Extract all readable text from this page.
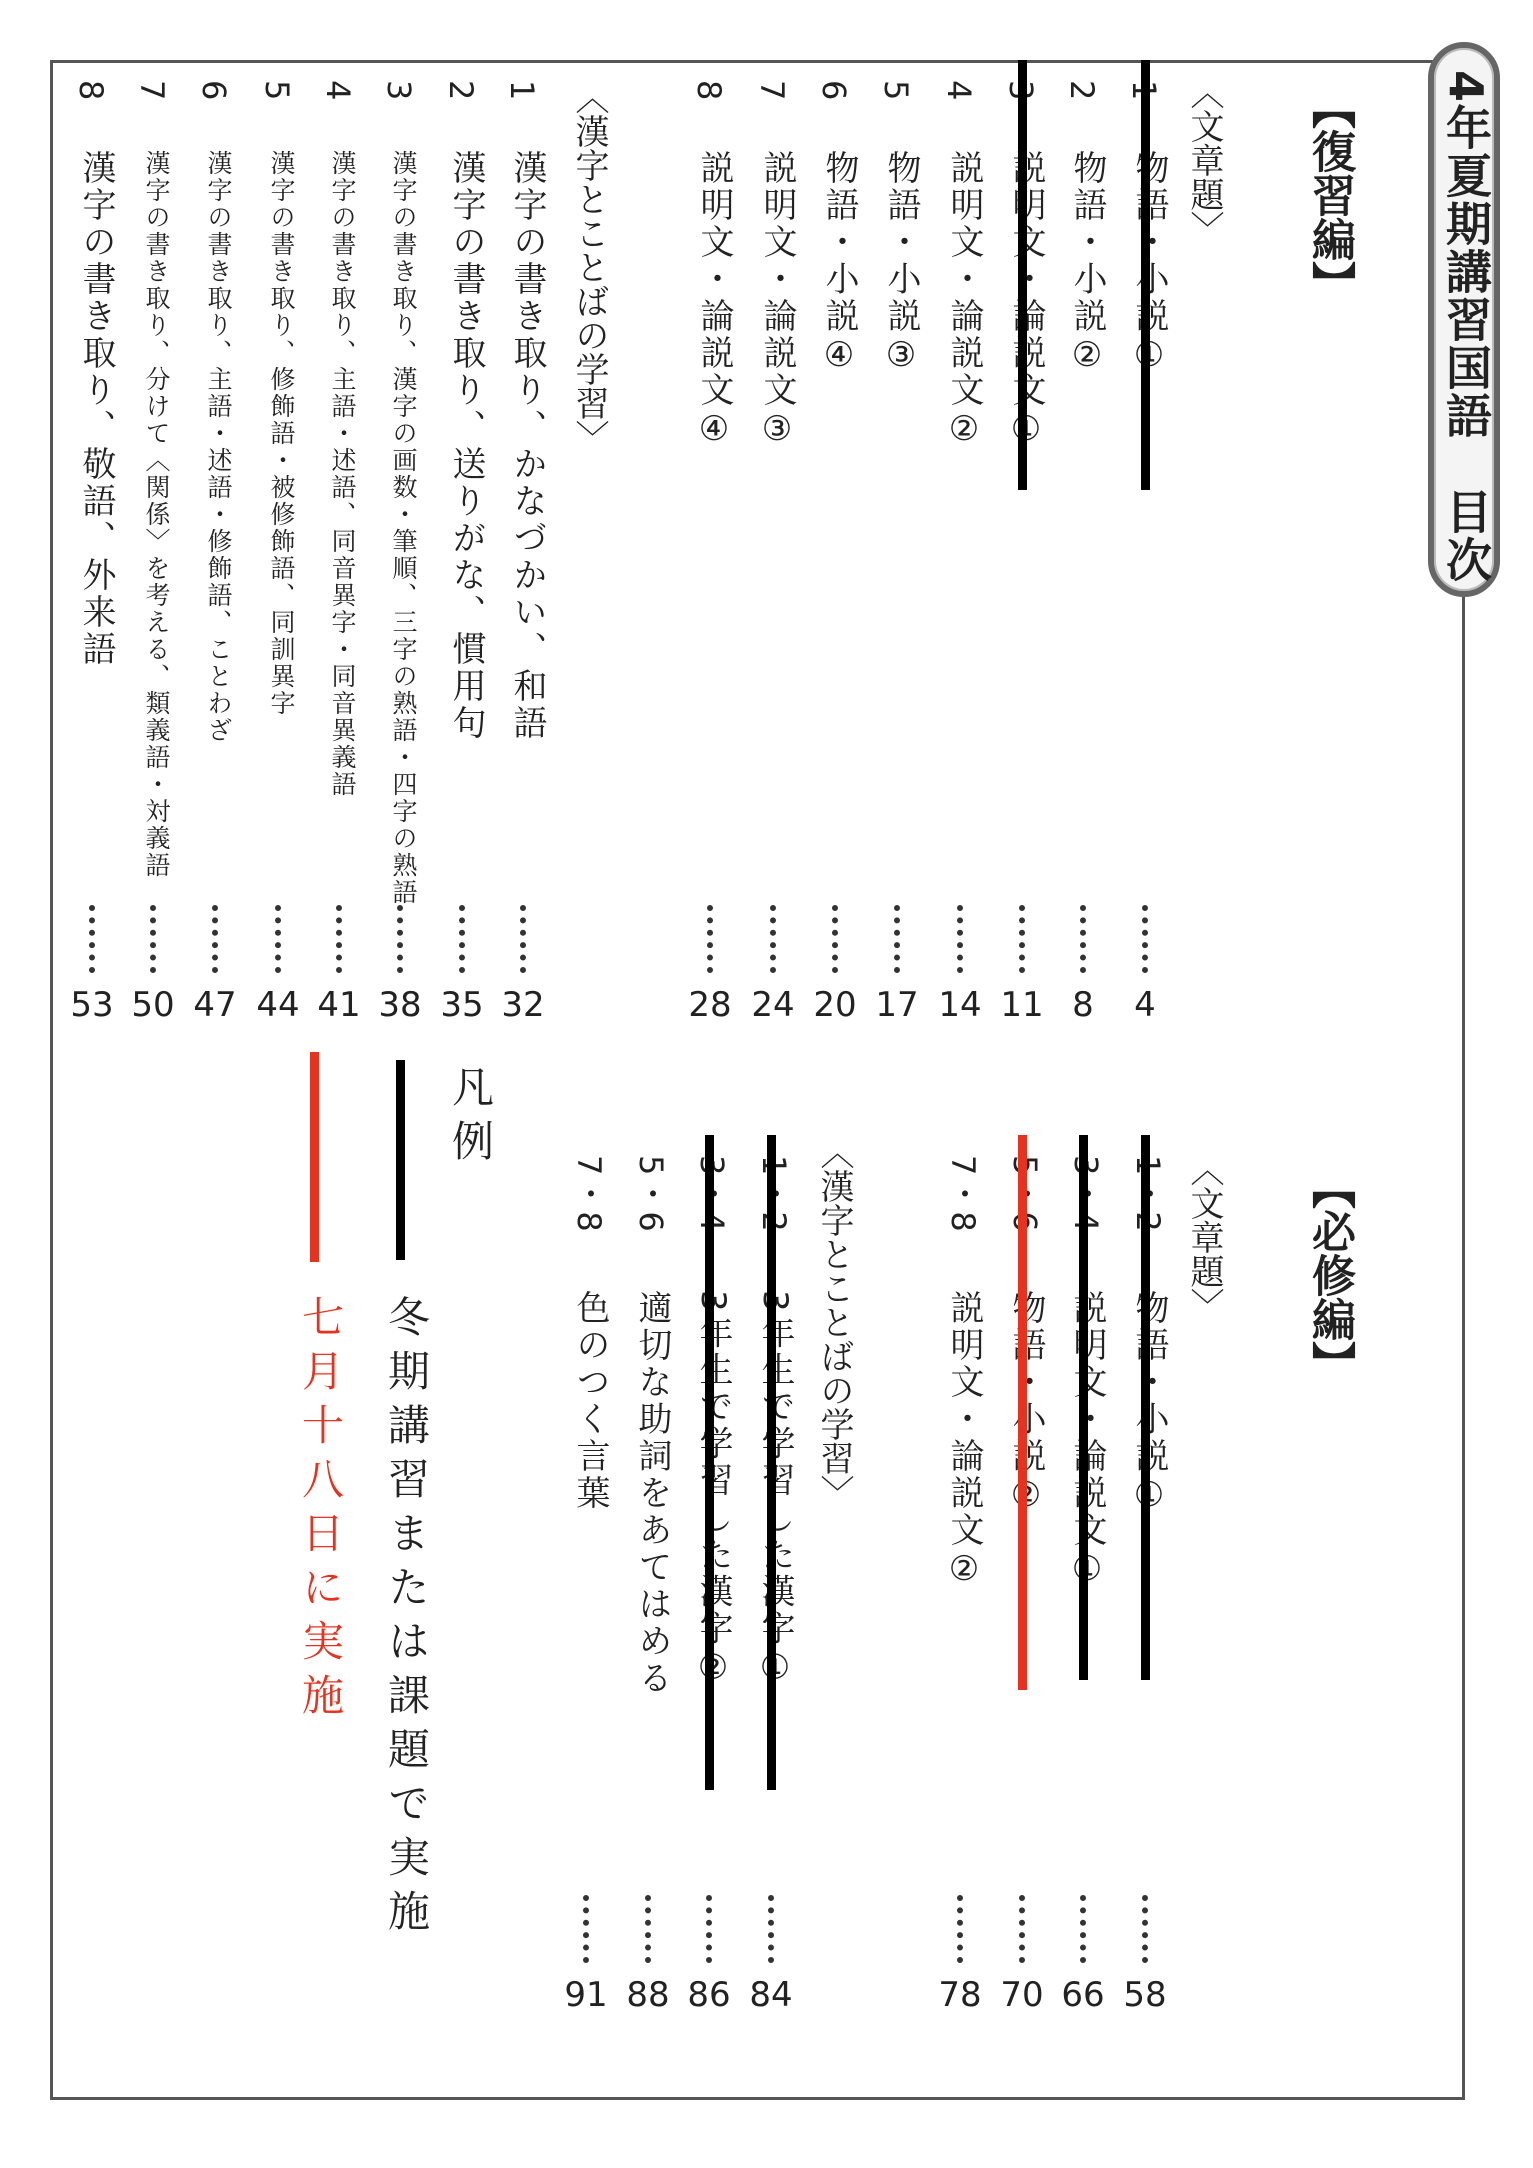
4年夏期講習国語　目次
【復習編】
〈文章題〉
4
2
物語・小説②
8
11
4
説明文・論説文②
14
5
物語・小説③
17
6
物語・小説④
20
7
説明文・論説文③
24
8
説明文・論説文④
28
〈漢字とことばの学習〉
1
漢字の書き取り、かなづかい、和語
32
2
漢字の書き取り、送りがな、慣用句
35
3
漢字の書き取り、漢字の画数・筆順、三字の熟語・四字の熟語
38
4
漢字の書き取り、主語・述語、同音異字・同音異義語
41
5
漢字の書き取り、修飾語・被修飾語、同訓異字
44
6
漢字の書き取り、主語・述語・修飾語、ことわざ
47
7
漢字の書き取り、分けて〈関係〉を考える、類義語・対義語
50
8
漢字の書き取り、敬語、外来語
53
【必修編】
〈文章題〉
58
66
70
7・8
説明文・論説文②
78
〈漢字とことばの学習〉
84
86
5・6
適切な助詞をあてはめる
88
7・8
色のつく言葉
91
凡例
冬期講習または課題で実施
七月十八日に実施
